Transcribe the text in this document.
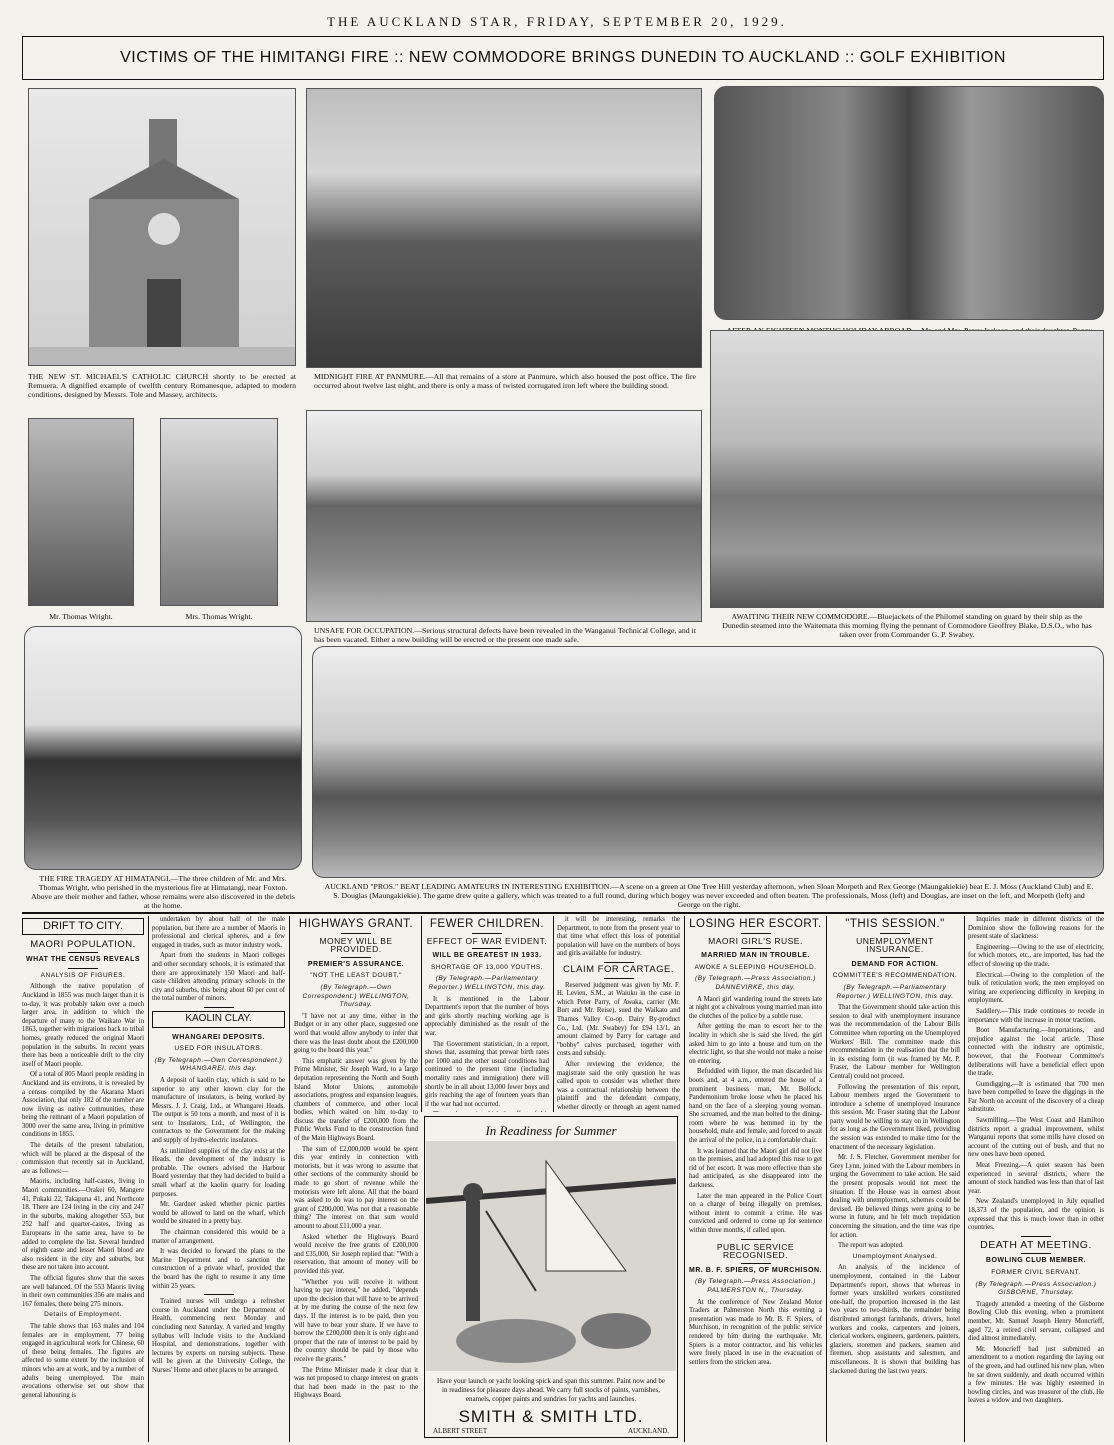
THE AUCKLAND STAR, FRIDAY, SEPTEMBER 20, 1929.
VICTIMS OF THE HIMITANGI FIRE :: NEW COMMODORE BRINGS DUNEDIN TO AUCKLAND :: GOLF EXHIBITION
THE NEW ST. MICHAEL'S CATHOLIC CHURCH shortly to be erected at Remuera. A dignified example of twelfth century Romanesque, adapted to modern conditions, designed by Messrs. Tole and Massey, architects.
MIDNIGHT FIRE AT PANMURE.—All that remains of a store at Panmure, which also housed the post office. The fire occurred about twelve last night, and there is only a mass of twisted corrugated iron left where the building stood.
Mr. Thomas Wright.	Mrs. Thomas Wright.
UNSAFE FOR OCCUPATION.—Serious structural defects have been revealed in the Wanganui Technical College, and it has been vacated. Either a new building will be erected or the present one made safe.
AWAITING THEIR NEW COMMODORE.—Bluejackets of the Philomel standing on guard by their ship as the Dunedin steamed into the Waitemata this morning flying the pennant of Commodore Geoffrey Blake, D.S.O., who has taken over from Commander G. P. Swabey.
THE FIRE TRAGEDY AT HIMATANGI.—The three children of Mr. and Mrs. Thomas Wright, who perished in the mysterious fire at Himatangi, near Foxton. Above are their mother and father, whose remains were also discovered in the debris at the home.
AUCKLAND "PROS." BEAT LEADING AMATEURS IN INTERESTING EXHIBITION.—A scene on a green at One Tree Hill yesterday afternoon, when Sloan Morpeth and Rex George (Maungakiekie) beat E. J. Moss (Auckland Club) and E. S. Douglas (Maungakiekie). The game drew quite a gallery, which was treated to a full round, during which bogey was never exceeded and often beaten. The professionals, Moss (left) and Douglas, are inset on the left, and Morpeth (left) and George on the right.
DRIFT TO CITY.
MAORI POPULATION.
WHAT THE CENSUS REVEALS
ANALYSIS OF FIGURES.

Although the native population of Auckland in 1855 was much larger than it is to-day, it was probably taken over a much larger area, in addition to which the departure of many to the Waikato War in 1863, together with migrations back to tribal homes, greatly reduced the original Maori population in the suburbs. In recent years there has been a noticeable drift to the city itself of Maori people.

Of a total of 805 Maori people residing in Auckland and its environs, it is revealed by a census compiled by the Akarana Maori Association, that only 182 of the number are now living as native communities, these being the remnant of a Maori population of 3000 over the same area, living in primitive conditions in 1855.

The details of the present tabulation, which will be placed at the disposal of the commission that recently sat in Auckland, are as follows:—

Maoris, including half-castes, living in Maori communities.—Orakei 60, Mangere 41, Pukaki 22, Takapuna 41, and Northcote 18. There are 124 living in the city and 247 in the suburbs, making altogether 553, but 252 half and quarter-castes, living as Europeans in the same area, have to be added to complete the list. Several hundred of eighth caste and lesser Maori blood are also resident in the city and suburbs, but these are not taken into account.

The official figures show that the sexes are well balanced. Of the 553 Maoris living in their own communities 356 are males and 167 females, there being 275 minors.

Details of Employment.

The table shows that 163 males and 104 females are in employment, 77 being engaged in agricultural work for Chinese, 60 of these being females. The figures are affected to some extent by the inclusion of minors who are at work, and by a number of adults being unemployed. The main avocations otherwise set out show that general labouring is

undertaken by about half of the male population, but there are a number of Maoris in professional and clerical spheres, and a few engaged in trades, such as motor industry work.

Apart from the students in Maori colleges and other secondary schools, it is estimated that there are approximately 150 Maori and half-caste children attending primary schools in the city and suburbs, this being about 60 per cent of the total number of minors.

KAOLIN CLAY.
WHANGAREI DEPOSITS.
USED FOR INSULATORS.
(By Telegraph.—Own Correspondent.) WHANGAREI, this day.

A deposit of kaolin clay, which is said to be superior to any other known clay for the manufacture of insulators, is being worked by Messrs. J. J. Craig, Ltd., at Whangarei Heads. The output is 50 tons a month, and most of it is sent to Insulators, Ltd., of Wellington, the contractors to the Government for the making and supply of hydro-electric insulators.

As unlimited supplies of the clay exist at the Heads, the development of the industry is probable. The owners advised the Harbour Board yesterday that they had decided to build a small wharf at the kaolin quarry for loading purposes.

Mr. Gardner asked whether picnic parties would be allowed to land on the wharf, which would be situated in a pretty bay.

The chairman considered this would be a matter of arrangement.

It was decided to forward the plans to the Marine Department and to sanction the construction of a private wharf, provided that the board has the right to resume it any time within 25 years.

Trained nurses will undergo a refresher course in Auckland under the Department of Health, commencing next Monday and concluding next Saturday. A varied and lengthy syllabus will include visits to the Auckland Hospital, and demonstrations, together with lectures by experts on nursing subjects. These will be given at the University College, the Nurses' Home and other places to be arranged.

HIGHWAYS GRANT.
MONEY WILL BE PROVIDED.
PREMIER'S ASSURANCE.
"NOT THE LEAST DOUBT."
(By Telegraph.—Own Correspondent.) WELLINGTON, Thursday.

"I have not at any time, either in the Budget or in any other place, suggested one word that would allow anybody to infer that there was the least doubt about the £200,000 going to the board this year."

This emphatic answer was given by the Prime Minister, Sir Joseph Ward, to a large deputation representing the North and South Island Motor Unions, automobile associations, progress and expansion leagues, chambers of commerce, and other local bodies, which waited on him to-day to discuss the transfer of £200,000 from the Public Works Fund to the construction fund of the Main Highways Board.

The sum of £2,000,000 would be spent this year entirely in connection with motorists, but it was wrong to assume that other sections of the community should be made to go short of revenue while the motorists were left alone. All that the board was asked to do was to pay interest on the grant of £200,000. Was not that a reasonable thing? The interest on that sum would amount to about £11,000 a year.

Asked whether the Highways Board would receive the free grants of £200,000 and £35,000, Sir Joseph replied that: "With a reservation, that amount of money will be provided this year.

"Whether you will receive it without having to pay interest," he added, "depends upon the decision that will have to be arrived at by me during the course of the next few days. If the interest is to be paid, then you will have to bear your share. If we have to borrow the £200,000 then it is only right and proper that the rate of interest to be paid by the country should be paid by those who receive the grants."

The Prime Minister made it clear that it was not proposed to charge interest on grants that had been made in the past to the Highways Board.

FEWER CHILDREN.
EFFECT OF WAR EVIDENT.
WILL BE GREATEST IN 1933.
SHORTAGE OF 13,000 YOUTHS.
(By Telegraph.—Parliamentary Reporter.) WELLINGTON, this day.

It is mentioned in the Labour Department's report that the number of boys and girls shortly reaching working age is appreciably diminished as the result of the war.

The Government statistician, in a report, shows that, assuming that prewar birth rates per 1000 and the other usual conditions had continued to the present time (including mortality rates and immigration) there will shortly be in all about 13,000 fewer boys and girls reaching the age of fourteen years than if the war had not occurred.

it will be interesting, remarks the Department, to note from the present year to that time what effect this loss of potential population will have on the numbers of boys and girls available for industry.

CLAIM FOR CARTAGE.

Reserved judgment was given by Mr. F. H. Levien, S.M., at Waiuku in the case in which Peter Parry, of Awaka, carrier (Mr. Burt and Mr. Reise), sued the Waikato and Thames Valley Co-op. Dairy By-product Co., Ltd. (Mr. Swabey) for £94 13/1, an amount claimed by Parry for cartage and "bobby" calves purchased, together with costs and subsidy.

After reviewing the evidence, the magistrate said the only question he was called upon to consider was whether there was a contractual relationship between the plaintiff and the defendant company, whether directly or through an agent named

In Readiness for Summer
Have your launch or yacht looking spick and span this summer. Paint now and be in readiness for pleasure days ahead. We carry full stocks of paints, varnishes, enamels, copper paints and sundries for yachts and launches.
SMITH & SMITH LTD.
ALBERT STREET	AUCKLAND.
LOSING HER ESCORT.
MAORI GIRL'S RUSE.
MARRIED MAN IN TROUBLE.
AWOKE A SLEEPING HOUSEHOLD.
(By Telegraph.—Press Association.) DANNEVIRKE, this day.

A Maori girl wandering round the streets late at night got a chivalrous young married man into the clutches of the police by a subtle ruse.

After getting the man to escort her to the locality in which she is said she lived, the girl asked him to go into a house and turn on the electric light, so that she would not make a noise on entering.

Befuddled with liquor, the man discarded his boots and, at 4 a.m., entered the house of a prominent business man, Mr. Bollock. Pandemonium broke loose when he placed his hand on the face of a sleeping young woman. She screamed, and the man bolted to the dining-room where he was hemmed in by the household, male and female, and forced to await the arrival of the police, in a comfortable chair.

It was learned that the Maori girl did not live on the premises, and had adopted this ruse to get rid of her escort. It was more effective than she had anticipated, as she disappeared into the darkness.

Later the man appeared in the Police Court on a charge of being illegally on premises, without intent to commit a crime. He was convicted and ordered to come up for sentence within three months, if called upon.

PUBLIC SERVICE RECOGNISED.
MR. B. F. SPIERS, OF MURCHISON.
(By Telegraph.—Press Association.) PALMERSTON N., Thursday.

At the conference of New Zealand Motor Traders at Palmerston North this evening a presentation was made to Mr. B. F. Spiers, of Murchison, in recognition of the public service rendered by him during the earthquake. Mr. Spiers is a motor contractor, and his vehicles were freely placed in use in the evacuation of settlers from the stricken area.

"THIS SESSION."
UNEMPLOYMENT INSURANCE.
DEMAND FOR ACTION.
COMMITTEE'S RECOMMENDATION.
(By Telegraph.—Parliamentary Reporter.) WELLINGTON, this day.

That the Government should take action this session to deal with unemployment insurance was the recommendation of the Labour Bills Committee when reporting on the Unemployed Workers' Bill. The committee made this recommendation in the realisation that the bill in its existing form (it was framed by Mr. P. Fraser, the Labour member for Wellington Central) could not proceed.

Following the presentation of this report, Labour members urged the Government to introduce a scheme of unemployed insurance this session. Mr. Fraser stating that the Labour party would be willing to stay on in Wellington for as long as the Government liked, providing the session was extended to make time for the enactment of the necessary legislation.

Mr. J. S. Fletcher, Government member for Grey Lynn, joined with the Labour members in urging the Government to take action. He said the present proposals would not meet the situation. If the House was in earnest about dealing with unemployment, schemes could be devised. He believed things were going to be worse in future, and he felt much trepidation concerning the situation, and the time was ripe for action.

The report was adopted.

Unemployment Analysed.

An analysis of the incidence of unemployment, contained in the Labour Department's report, shows that whereas in former years unskilled workers constituted one-half, the proportion increased in the last two years to two-thirds, the remainder being distributed amongst farmhands, drivers, hotel workers and cooks, carpenters and joiners, clerical workers, engineers, gardeners, painters, glaziers, storemen and packers, seamen and firemen, shop assistants and salesmen, and miscellaneous. It is shown that building has slackened during the last two years.

Inquiries made in different districts of the Dominion show the following reasons for the present state of slackness:

Engineering.—Owing to the use of electricity, for which motors, etc., are imported, has had the effect of slowing up the trade.

Electrical.—Owing to the completion of the bulk of reticulation work, the men employed on wiring are experiencing difficulty in keeping in employment.

Saddlery.—This trade continues to recede in importance with the increase in motor traction.

Boot Manufacturing.—Importations, and prejudice against the local article. Those connected with the industry are optimistic, however, that the Footwear Committee's deliberations will have a beneficial effect upon the trade.

Gumdigging.—It is estimated that 700 men have been compelled to leave the diggings in the Far North on account of the discovery of a cheap substitute.

Sawmilling.—The West Coast and Hamilton districts report a gradual improvement, whilst Wanganui reports that some mills have closed on account of the cutting out of bush, and that no new ones have been opened.

Meat Freezing.—A quiet season has been experienced in several districts, where the amount of stock handled was less than that of last year.

New Zealand's unemployed in July equalled 18,373 of the population, and the opinion is expressed that this is much lower than in other countries.

DEATH AT MEETING.
BOWLING CLUB MEMBER.
FORMER CIVIL SERVANT.
(By Telegraph.—Press Association.) GISBORNE, Thursday.

Tragedy attended a meeting of the Gisborne Bowling Club this evening, when a prominent member, Mr. Samuel Joseph Henry Moncrieff, aged 72, a retired civil servant, collapsed and died almost immediately.

Mr. Moncrieff had just submitted an amendment to a motion regarding the laying out of the green, and had outlined his new plan, when he sat down suddenly, and death occurred within a few minutes. He was highly esteemed in bowling circles, and was treasurer of the club. He leaves a widow and two daughters.
